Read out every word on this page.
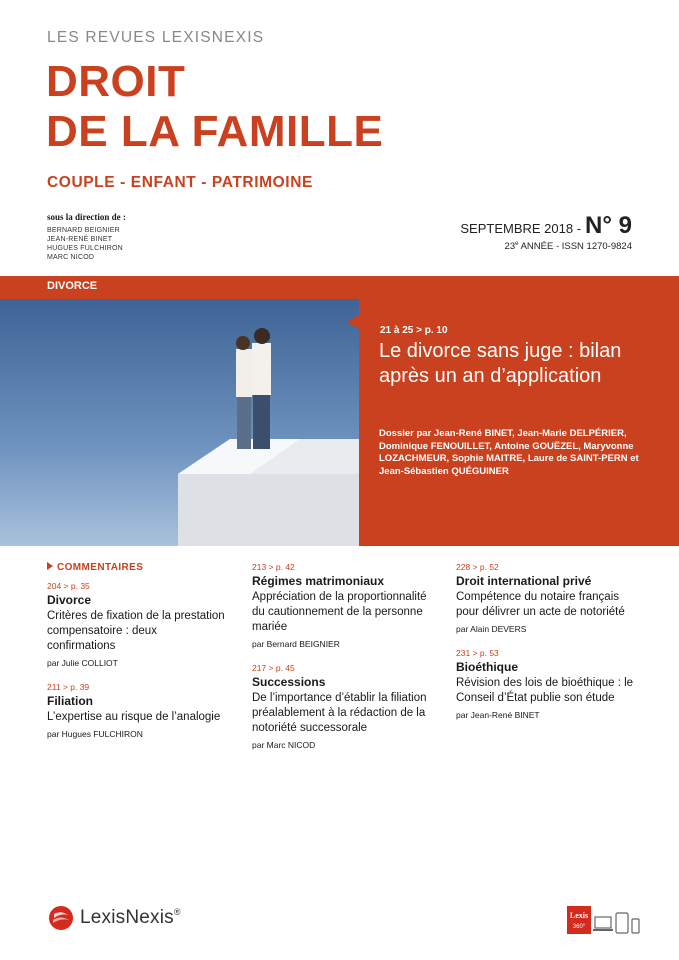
LES REVUES LEXISNEXIS
DROIT
DE LA FAMILLE
COUPLE - ENFANT - PATRIMOINE
sous la direction de :
BERNARD BEIGNIER
JEAN-RENÉ BINET
HUGUES FULCHIRON
MARC NICOD
SEPTEMBRE 2018 - N° 9
23e ANNÉE - ISSN 1270-9824
DIVORCE
21 à 25 > p. 10
Le divorce sans juge : bilan après un an d’application
Dossier par Jean-René BINET, Jean-Marie DELPÉRIER, Dominique FENOUILLET, Antoine GOUËZEL, Maryvonne LOZACHMEUR, Sophie MAITRE, Laure de SAINT-PERN et Jean-Sébastien QUÉGUINER
COMMENTAIRES
204 > p. 35
Divorce
Critères de fixation de la prestation compensatoire : deux confirmations
par Julie COLLIOT
211 > p. 39
Filiation
L’expertise au risque de l’analogie
par Hugues FULCHIRON
213 > p. 42
Régimes matrimoniaux
Appréciation de la proportionnalité du cautionnement de la personne mariée
par Bernard BEIGNIER
217 > p. 45
Successions
De l’importance d’établir la filiation préalablement à la rédaction de la notoriété successorale
par Marc NICOD
228 > p. 52
Droit international privé
Compétence du notaire français pour délivrer un acte de notoriété
par Alain DEVERS
231 > p. 53
Bioéthique
Révision des lois de bioéthique : le Conseil d’État publie son étude
par Jean-René BINET
LexisNexis®	Lexis
360°
